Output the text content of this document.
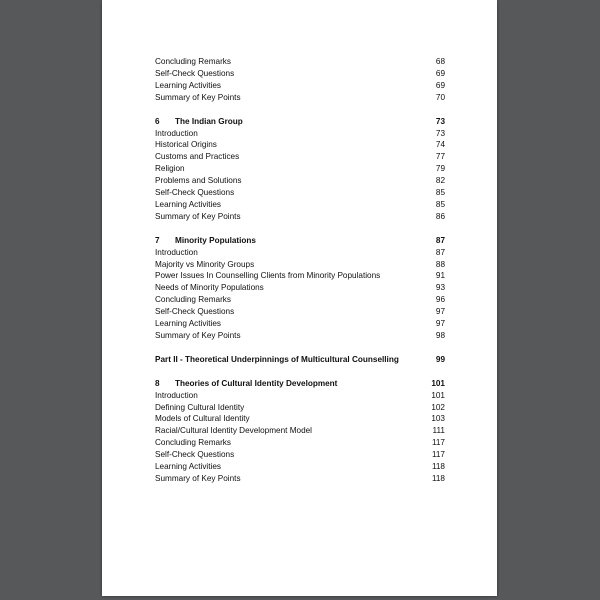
Concluding Remarks	68
Self-Check Questions	69
Learning Activities	69
Summary of Key Points	70
6 The Indian Group	73
Introduction	73
Historical Origins	74
Customs and Practices	77
Religion	79
Problems and Solutions	82
Self-Check Questions	85
Learning Activities	85
Summary of Key Points	86
7 Minority Populations	87
Introduction	87
Majority vs Minority Groups	88
Power Issues In Counselling Clients from Minority Populations	91
Needs of Minority Populations	93
Concluding Remarks	96
Self-Check Questions	97
Learning Activities	97
Summary of Key Points	98
Part II - Theoretical Underpinnings of Multicultural Counselling	99
8 Theories of Cultural Identity Development	101
Introduction	101
Defining Cultural Identity	102
Models of Cultural Identity	103
Racial/Cultural Identity Development Model	111
Concluding Remarks	117
Self-Check Questions	117
Learning Activities	118
Summary of Key Points	118
